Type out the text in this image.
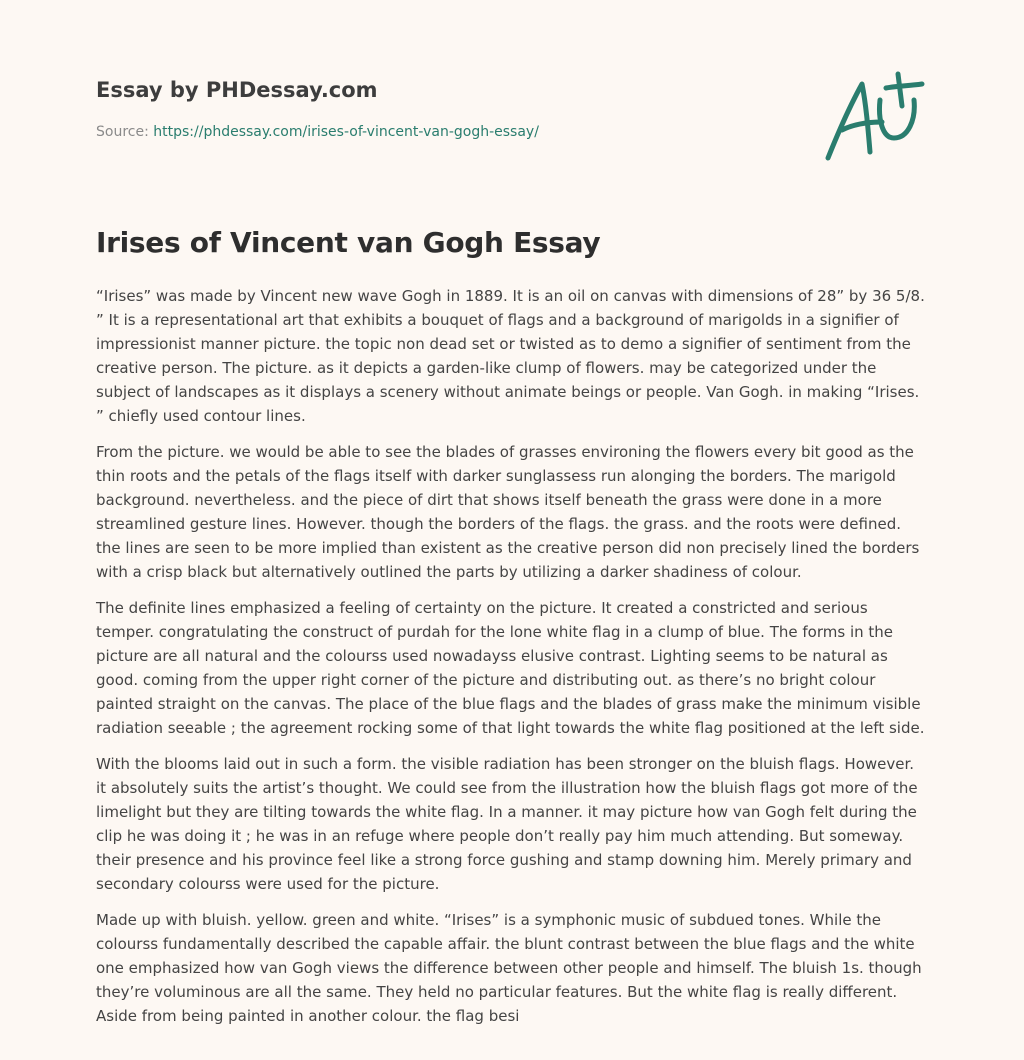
Essay by PHDessay.com
Source: https://phdessay.com/irises-of-vincent-van-gogh-essay/
Irises of Vincent van Gogh Essay

“Irises” was made by Vincent new wave Gogh in 1889. It is an oil on canvas with dimensions of 28” by 36 5/8. ” It is a representational art that exhibits a bouquet of flags and a background of marigolds in a signifier of impressionist manner picture. the topic non dead set or twisted as to demo a signifier of sentiment from the creative person. The picture. as it depicts a garden-like clump of flowers. may be categorized under the subject of landscapes as it displays a scenery without animate beings or people. Van Gogh. in making “Irises. ” chiefly used contour lines.

From the picture. we would be able to see the blades of grasses environing the flowers every bit good as the thin roots and the petals of the flags itself with darker sunglassess run alonging the borders. The marigold background. nevertheless. and the piece of dirt that shows itself beneath the grass were done in a more streamlined gesture lines. However. though the borders of the flags. the grass. and the roots were defined. the lines are seen to be more implied than existent as the creative person did non precisely lined the borders with a crisp black but alternatively outlined the parts by utilizing a darker shadiness of colour.

The definite lines emphasized a feeling of certainty on the picture. It created a constricted and serious temper. congratulating the construct of purdah for the lone white flag in a clump of blue. The forms in the picture are all natural and the colourss used nowadayss elusive contrast. Lighting seems to be natural as good. coming from the upper right corner of the picture and distributing out. as there’s no bright colour painted straight on the canvas. The place of the blue flags and the blades of grass make the minimum visible radiation seeable ; the agreement rocking some of that light towards the white flag positioned at the left side.

With the blooms laid out in such a form. the visible radiation has been stronger on the bluish flags. However. it absolutely suits the artist’s thought. We could see from the illustration how the bluish flags got more of the limelight but they are tilting towards the white flag. In a manner. it may picture how van Gogh felt during the clip he was doing it ; he was in an refuge where people don’t really pay him much attending. But someway. their presence and his province feel like a strong force gushing and stamp downing him. Merely primary and secondary colourss were used for the picture.

Made up with bluish. yellow. green and white. “Irises” is a symphonic music of subdued tones. While the colourss fundamentally described the capable affair. the blunt contrast between the blue flags and the white one emphasized how van Gogh views the difference between other people and himself. The bluish 1s. though they’re voluminous are all the same. They held no particular features. But the white flag is really different. Aside from being painted in another colour. the flag besi
